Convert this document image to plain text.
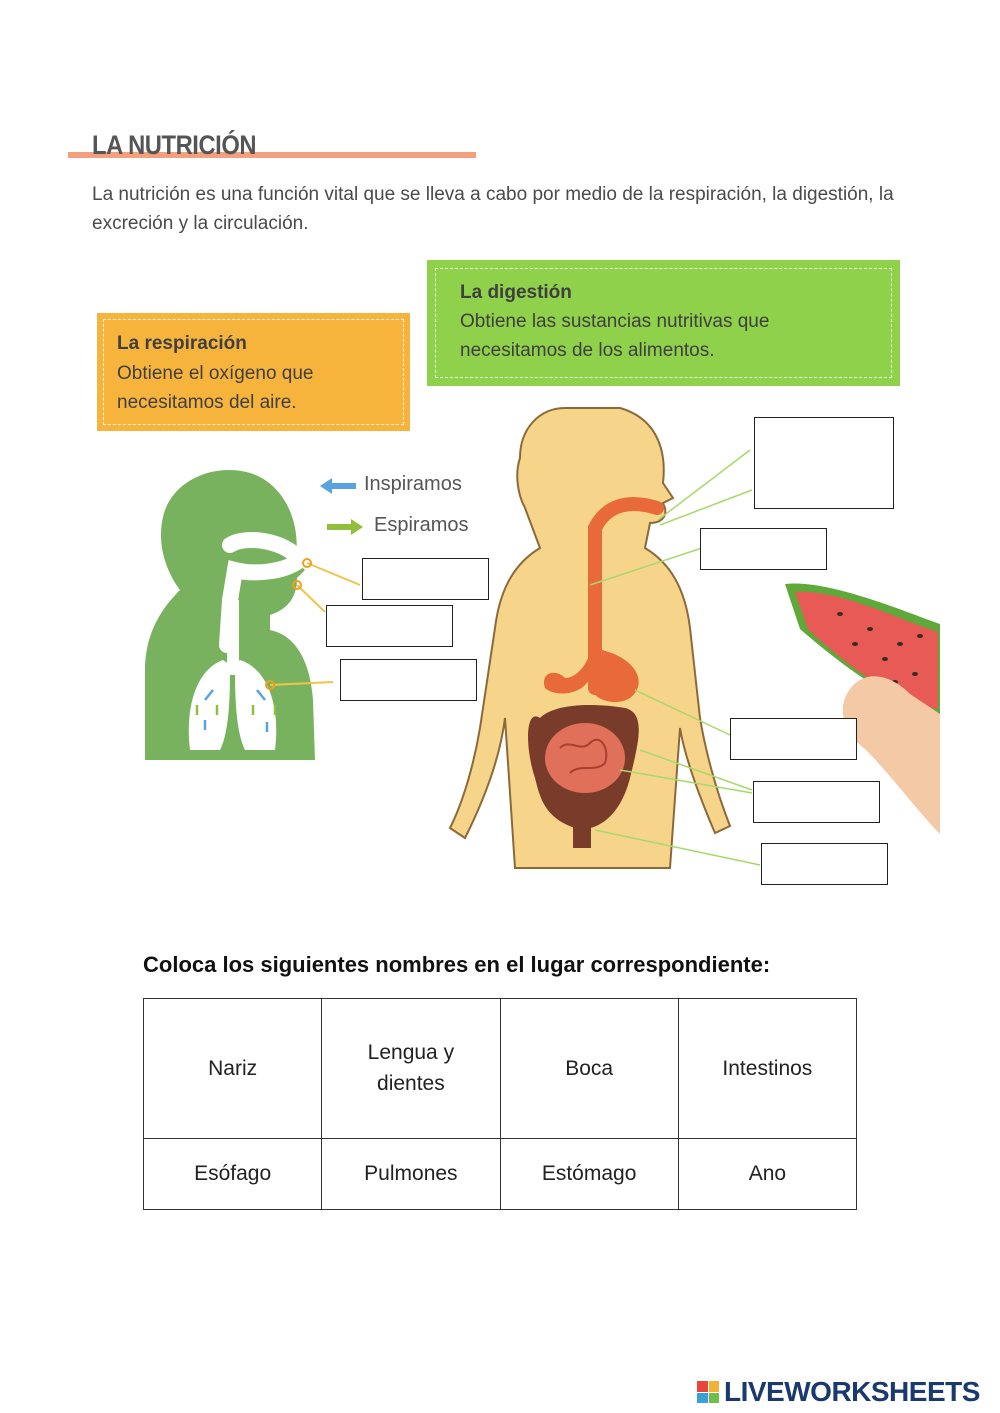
LA NUTRICIÓN
La nutrición es una función vital que se lleva a cabo por medio de la respiración, la digestión, la excreción y la circulación.
La respiración
Obtiene el oxígeno que necesitamos del aire.
La digestión
Obtiene las sustancias nutritivas que necesitamos de los alimentos.
Inspiramos
Espiramos
Coloca los siguientes nombres en el lugar correspondiente:
Nariz	Lengua y dientes	Boca	Intestinos
Esófago	Pulmones	Estómago	Ano
LIVEWORKSHEETS
